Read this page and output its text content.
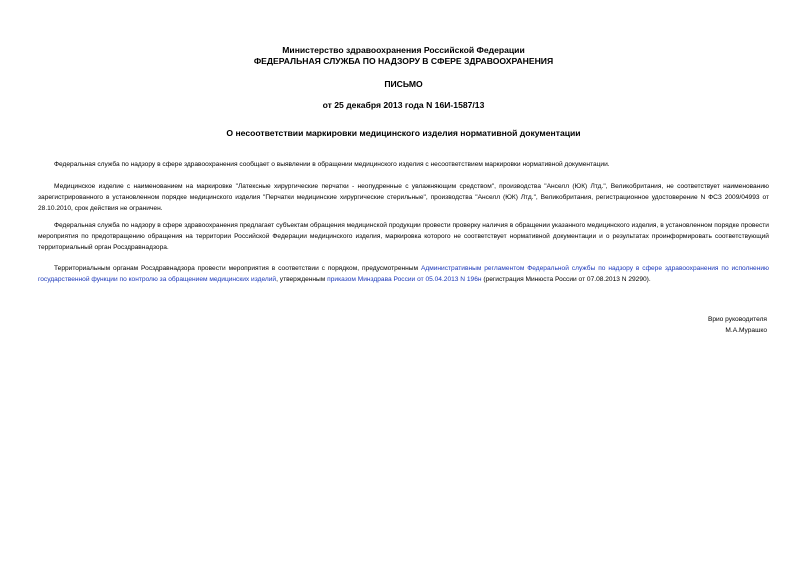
Министерство здравоохранения Российской Федерации
ФЕДЕРАЛЬНАЯ СЛУЖБА ПО НАДЗОРУ В СФЕРЕ ЗДРАВООХРАНЕНИЯ
ПИСЬМО
от 25 декабря 2013 года N 16И-1587/13
О несоответствии маркировки медицинского изделия нормативной документации
Федеральная служба по надзору в сфере здравоохранения сообщает о выявлении в обращении медицинского изделия с несоответствием маркировки нормативной документации.
Медицинское изделие с наименованием на маркировке "Латексные хирургические перчатки - неопудренные с увлажняющим средством", производства "Анселл (ЮК) Лтд.", Великобритания, не соответствует наименованию зарегистрированного в установленном порядке медицинского изделия "Перчатки медицинские хирургические стерильные", производства "Анселл (ЮК) Лтд.", Великобритания, регистрационное удостоверение N ФСЗ 2009/04993 от 28.10.2010, срок действия не ограничен.
Федеральная служба по надзору в сфере здравоохранения предлагает субъектам обращения медицинской продукции провести проверку наличия в обращении указанного медицинского изделия, в установленном порядке провести мероприятия по предотвращению обращения на территории Российской Федерации медицинского изделия, маркировка которого не соответствует нормативной документации и о результатах проинформировать соответствующий территориальный орган Росздравнадзора.
Территориальным органам Росздравнадзора провести мероприятия в соответствии с порядком, предусмотренным Административным регламентом Федеральной службы по надзору в сфере здравоохранения по исполнению государственной функции по контролю за обращением медицинских изделий, утвержденным приказом Минздрава России от 05.04.2013 N 196н (регистрация Минюста России от 07.08.2013 N 29290).
Врио руководителя
М.А.Мурашко
